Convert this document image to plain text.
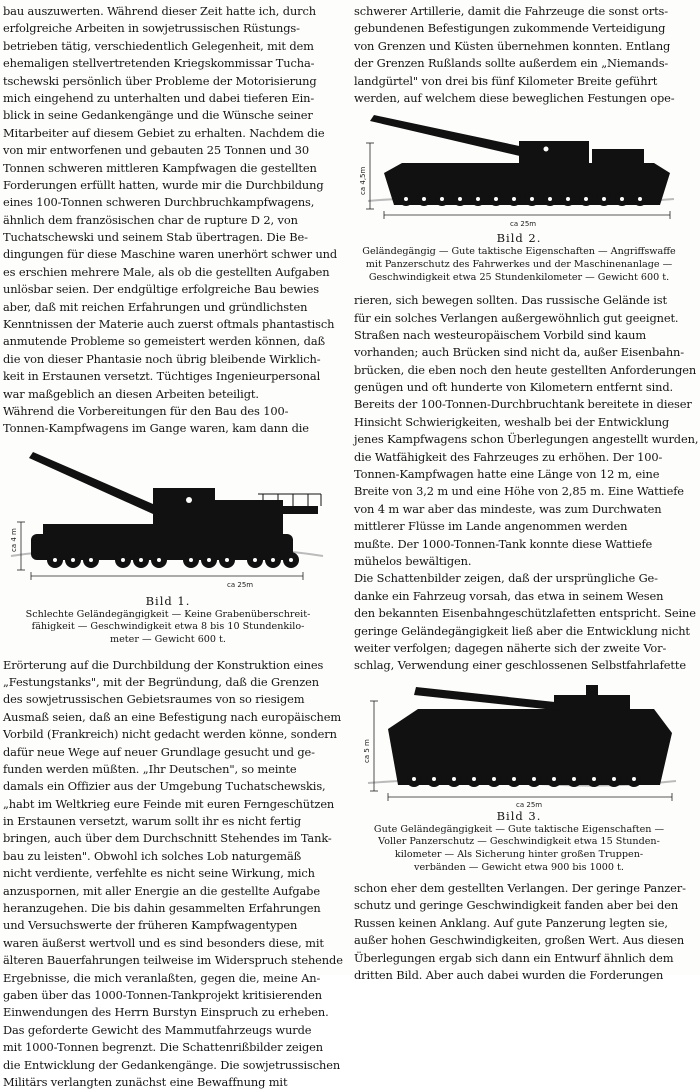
bau auszuwerten. Während dieser Zeit hatte ich, durch
erfolgreiche Arbeiten in sowjetrussischen Rüstungs-
betrieben tätig, verschiedentlich Gelegenheit, mit dem
ehemaligen stellvertretenden Kriegskommissar Tucha-
tschewski persönlich über Probleme der Motorisierung
mich eingehend zu unterhalten und dabei tieferen Ein-
blick in seine Gedankengänge und die Wünsche seiner
Mitarbeiter auf diesem Gebiet zu erhalten. Nachdem die
von mir entworfenen und gebauten 25 Tonnen und 30
Tonnen schweren mittleren Kampfwagen die gestellten
Forderungen erfüllt hatten, wurde mir die Durchbildung
eines 100-Tonnen schweren Durchbruchkampfwagens,
ähnlich dem französischen char de rupture D 2, von
Tuchatschewski und seinem Stab übertragen. Die Be-
dingungen für diese Maschine waren unerhört schwer und
es erschien mehrere Male, als ob die gestellten Aufgaben
unlösbar seien. Der endgültige erfolgreiche Bau bewies
aber, daß mit reichen Erfahrungen und gründlichsten
Kenntnissen der Materie auch zuerst oftmals phantastisch
anmutende Probleme so gemeistert werden können, daß
die von dieser Phantasie noch übrig bleibende Wirklich-
keit in Erstaunen versetzt. Tüchtiges Ingenieurpersonal
war maßgeblich an diesen Arbeiten beteiligt.
Während die Vorbereitungen für den Bau des 100-
Tonnen-Kampfwagens im Gange waren, kam dann die
ca 4 m
ca 25m
Bild 1.
Schlechte Geländegängigkeit — Keine Grabenüberschreit-
fähigkeit — Geschwindigkeit etwa 8 bis 10 Stundenkilo-
meter — Gewicht 600 t.
Erörterung auf die Durchbildung der Konstruktion eines
„Festungstanks", mit der Begründung, daß die Grenzen
des sowjetrussischen Gebietsraumes von so riesigem
Ausmaß seien, daß an eine Befestigung nach europäischem
Vorbild (Frankreich) nicht gedacht werden könne, sondern
dafür neue Wege auf neuer Grundlage gesucht und ge-
funden werden müßten. „Ihr Deutschen", so meinte
damals ein Offizier aus der Umgebung Tuchatschewskis,
„habt im Weltkrieg eure Feinde mit euren Ferngeschützen
in Erstaunen versetzt, warum sollt ihr es nicht fertig
bringen, auch über dem Durchschnitt Stehendes im Tank-
bau zu leisten". Obwohl ich solches Lob naturgemäß
nicht verdiente, verfehlte es nicht seine Wirkung, mich
anzuspornen, mit aller Energie an die gestellte Aufgabe
heranzugehen. Die bis dahin gesammelten Erfahrungen
und Versuchswerte der früheren Kampfwagentypen
waren äußerst wertvoll und es sind besonders diese, mit
älteren Bauerfahrungen teilweise im Widerspruch stehende
Ergebnisse, die mich veranlaßten, gegen die, meine An-
gaben über das 1000-Tonnen-Tankprojekt kritisierenden
Einwendungen des Herrn Burstyn Einspruch zu erheben.
Das geforderte Gewicht des Mammutfahrzeugs wurde
mit 1000-Tonnen begrenzt. Die Schattenrißbilder zeigen
die Entwicklung der Gedankengänge. Die sowjetrussischen
Militärs verlangten zunächst eine Bewaffnung mit
schwerer Artillerie, damit die Fahrzeuge die sonst orts-
gebundenen Befestigungen zukommende Verteidigung
von Grenzen und Küsten übernehmen konnten. Entlang
der Grenzen Rußlands sollte außerdem ein „Niemands-
landgürtel" von drei bis fünf Kilometer Breite geführt
werden, auf welchem diese beweglichen Festungen ope-
ca 4,5m
ca 25m
Bild 2.
Geländegängig — Gute taktische Eigenschaften — Angriffswaffe
mit Panzerschutz des Fahrwerkes und der Maschinenanlage —
Geschwindigkeit etwa 25 Stundenkilometer — Gewicht 600 t.
rieren, sich bewegen sollten. Das russische Gelände ist
für ein solches Verlangen außergewöhnlich gut geeignet.
Straßen nach westeuropäischem Vorbild sind kaum
vorhanden; auch Brücken sind nicht da, außer Eisenbahn-
brücken, die eben noch den heute gestellten Anforderungen
genügen und oft hunderte von Kilometern entfernt sind.
Bereits der 100-Tonnen-Durchbruchtank bereitete in dieser
Hinsicht Schwierigkeiten, weshalb bei der Entwicklung
jenes Kampfwagens schon Überlegungen angestellt wurden,
die Watfähigkeit des Fahrzeuges zu erhöhen. Der 100-
Tonnen-Kampfwagen hatte eine Länge von 12 m, eine
Breite von 3,2 m und eine Höhe von 2,85 m. Eine Wattiefe
von 4 m war aber das mindeste, was zum Durchwaten
mittlerer Flüsse im Lande angenommen werden
mußte. Der 1000-Tonnen-Tank konnte diese Wattiefe
mühelos bewältigen.
Die Schattenbilder zeigen, daß der ursprüngliche Ge-
danke ein Fahrzeug vorsah, das etwa in seinem Wesen
den bekannten Eisenbahngeschützlafetten entspricht. Seine
geringe Geländegängigkeit ließ aber die Entwicklung nicht
weiter verfolgen; dagegen näherte sich der zweite Vor-
schlag, Verwendung einer geschlossenen Selbstfahrlafette
ca 5 m
ca 25m
Bild 3.
Gute Geländegängigkeit — Gute taktische Eigenschaften —
Voller Panzerschutz — Geschwindigkeit etwa 15 Stunden-
kilometer — Als Sicherung hinter großen Truppen-
verbänden — Gewicht etwa 900 bis 1000 t.
schon eher dem gestellten Verlangen. Der geringe Panzer-
schutz und geringe Geschwindigkeit fanden aber bei den
Russen keinen Anklang. Auf gute Panzerung legten sie,
außer hohen Geschwindigkeiten, großen Wert. Aus diesen
Überlegungen ergab sich dann ein Entwurf ähnlich dem
dritten Bild. Aber auch dabei wurden die Forderungen
